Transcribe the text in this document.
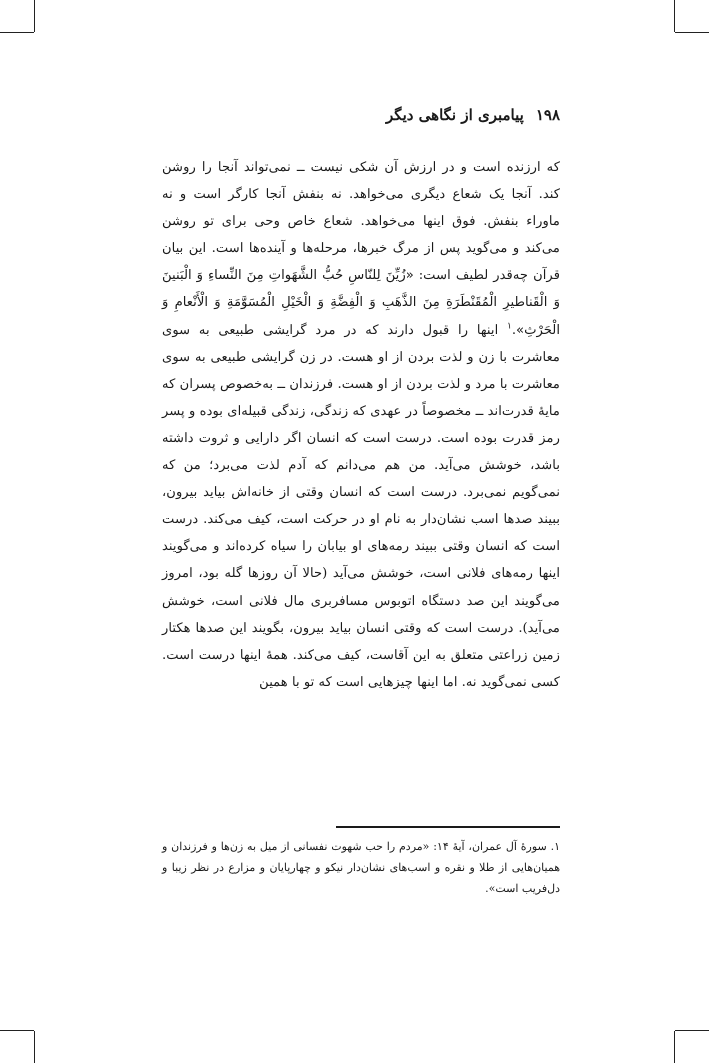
۱۹۸
پیامبری از نگاهی دیگر

که ارزنده است و در ارزش آن شکی نیست ــ نمی‌تواند آنجا را روشن کند. آنجا یک شعاع دیگری می‌خواهد. نه بنفش آنجا کارگر است و نه ماوراء بنفش. فوق اینها می‌خواهد. شعاع خاص وحی برای تو روشن می‌کند و می‌گوید پس از مرگ خبرها، مرحله‌ها و آینده‌ها است. این بیان قرآن چه‌قدر لطیف است: «زُیِّنَ لِلنّاسِ حُبُّ الشَّهَواتِ مِنَ النِّساءِ وَ الْبَنینَ وَ الْقَناطیرِ الْمُقَنْطَرَةِ مِنَ الذَّهَبِ وَ الْفِضَّةِ وَ الْخَیْلِ الْمُسَوَّمَةِ وَ الْأَنْعامِ وَ الْحَرْثِ».$^۱$ اینها را قبول دارند که در مرد گرایشی طبیعی به سوی معاشرت با زن و لذت بردن از او هست. در زن گرایشی طبیعی به سوی معاشرت با مرد و لذت بردن از او هست. فرزندان ــ به‌خصوص پسران که مایهٔ قدرت‌اند ــ مخصوصاً در عهدی که زندگی، زندگی قبیله‌ای بوده و پسر رمز قدرت بوده است. درست است که انسان اگر دارایی و ثروت داشته باشد، خوشش می‌آید. من هم می‌دانم که آدم لذت می‌برد؛ من که نمی‌گویم نمی‌برد. درست است که انسان وقتی از خانه‌اش بیاید بیرون، ببیند صدها اسب نشان‌دار به نام او در حرکت است، کیف می‌کند. درست است که انسان وقتی ببیند رمه‌های او بیابان را سیاه کرده‌اند و می‌گویند اینها رمه‌های فلانی است، خوشش می‌آید (حالا آن روزها گله بود، امروز می‌گویند این صد دستگاه اتوبوس مسافربری مال فلانی است، خوشش می‌آید). درست است که وقتی انسان بیاید بیرون، بگویند این صدها هکتار زمین زراعتی متعلق به این آقاست، کیف می‌کند. همهٔ اینها درست است. کسی نمی‌گوید نه. اما اینها چیزهایی است که تو با همین

۱. سورهٔ آل عمران، آیهٔ ۱۴: «مردم را حب شهوت نفسانی از میل به زن‌ها و فرزندان و همیان‌هایی از طلا و نقره و اسب‌های نشان‌دار نیکو و چهارپایان و مزارع در نظر زیبا و دل‌فریب است».
